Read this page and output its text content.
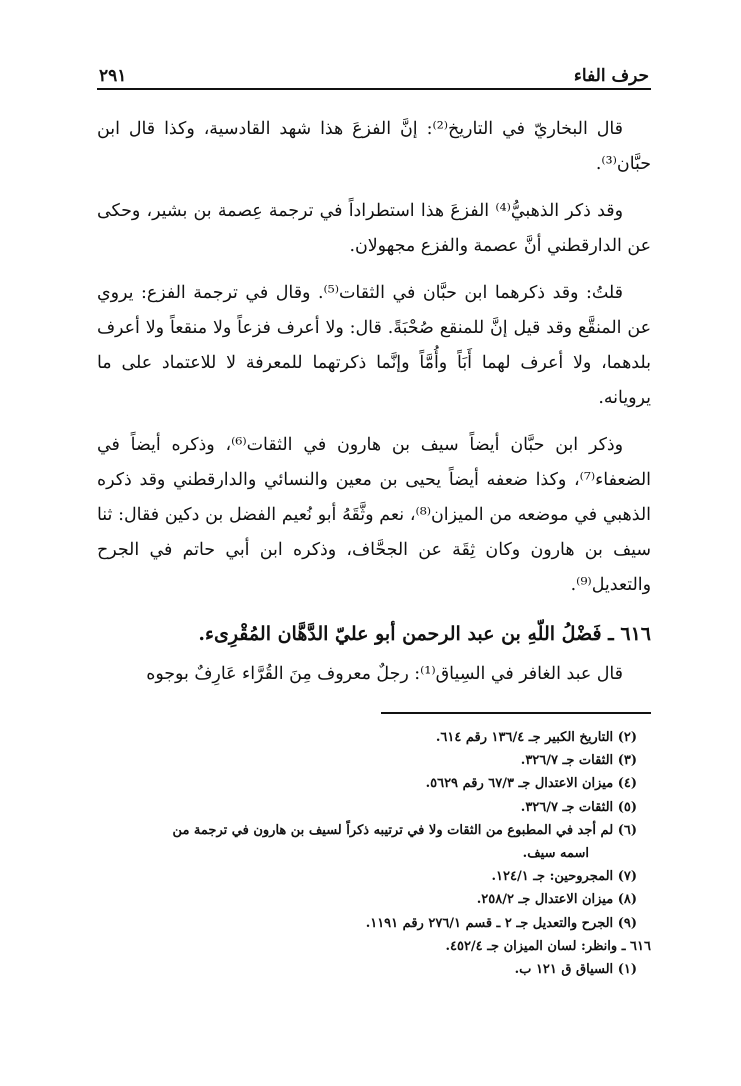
حرف الفاء
٢٩١

قال البخاريّ في التاريخ⁽²⁾: إنَّ الفزعَ هذا شهد القادسية، وكذا قال ابن حبَّان⁽³⁾.

وقد ذكر الذهبيُّ⁽⁴⁾ الفزعَ هذا استطراداً في ترجمة عِصمة بن بشير، وحكى عن الدارقطني أنَّ عصمة والفزع مجهولان.

قلتُ: وقد ذكرهما ابن حبَّان في الثقات⁽⁵⁾. وقال في ترجمة الفزع: يروي عن المنقَّع وقد قيل إنَّ للمنقع صُحْبَةً. قال: ولا أعرف فزعاً ولا منقعاً ولا أعرف بلدهما، ولا أعرف لهما أَبَاً وأُمَّاً وإنَّما ذكرتهما للمعرفة لا للاعتماد على ما يرويانه.

وذكر ابن حبَّان أيضاً سيف بن هارون في الثقات⁽⁶⁾، وذكره أيضاً في الضعفاء⁽⁷⁾، وكذا ضعفه أيضاً يحيى بن معين والنسائي والدارقطني وقد ذكره الذهبي في موضعه من الميزان⁽⁸⁾، نعم وثَّقَهُ أبو نُعيم الفضل بن دكين فقال: ثنا سيف بن هارون وكان ثِقَة عن الجحَّاف، وذكره ابن أبي حاتم في الجرح والتعديل⁽⁹⁾.

٦١٦ ـ فَضْلُ اللّهِ بن عبد الرحمن أبو عليّ الدَّهَّان المُقْرِىء.

قال عبد الغافر في السِياق⁽¹⁾: رجلٌ معروف مِنَ القُرَّاء عَارِفٌ بوجوه

(٢) التاريخ الكبير جـ ١٣٦/٤ رقم ٦١٤.
(٣) الثقات جـ ٣٢٦/٧.
(٤) ميزان الاعتدال جـ ٦٧/٣ رقم ٥٦٢٩.
(٥) الثقات جـ ٣٢٦/٧.
(٦) لم أجد في المطبوع من الثقات ولا في ترتيبه ذكراً لسيف بن هارون في ترجمة من
اسمه سيف.
(٧) المجروحين: جـ ١٢٤/١.
(٨) ميزان الاعتدال جـ ٢٥٨/٢.
(٩) الجرح والتعديل جـ ٢ ـ قسم ٢٧٦/١ رقم ١١٩١.
٦١٦ ـ وانظر: لسان الميزان جـ ٤٥٢/٤.
(١) السياق ق ١٢١ ب.
